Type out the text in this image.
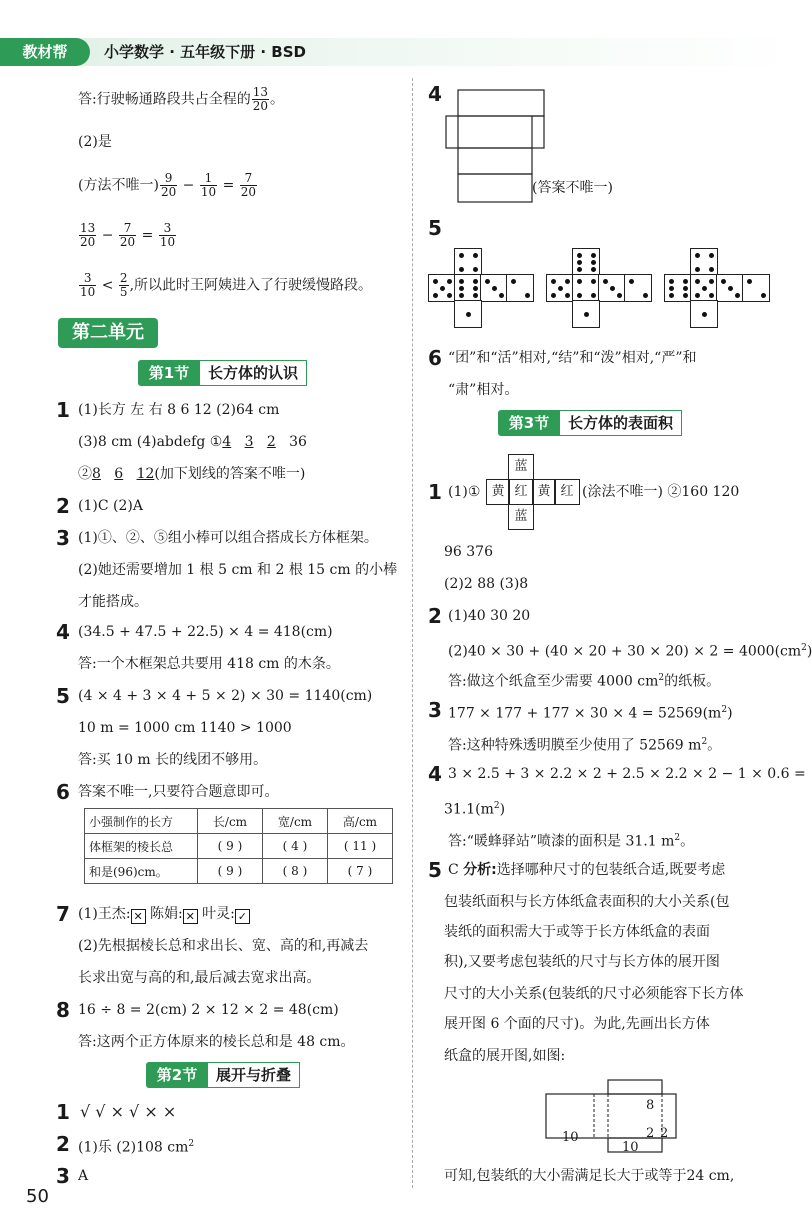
教材帮	小学数学 · 五年级下册 · BSD
答:行驶畅通路段共占全程的 $\frac{13}{20}$ 。
(2)是
(方法不唯一) $\frac{9}{20} - \frac{1}{10} = \frac{7}{20}$
$\frac{13}{20} - \frac{7}{20} = \frac{3}{10}$
$\frac{3}{10} < \frac{2}{5}$ ,所以此时王阿姨进入了行驶缓慢路段。
第二单元
第1节	长方体的认识
1 (1)长方 左 右 8 6 12 (2)64 cm
(3)8 cm (4)abdefg ①4 3 2 36
②8 6 12(加下划线的答案不唯一)
2 (1)C (2)A
3 (1)①、②、⑤组小棒可以组合搭成长方体框架。
(2)她还需要增加 1 根 5 cm 和 2 根 15 cm 的小棒
才能搭成。
4 (34.5 + 47.5 + 22.5) × 4 = 418(cm)
答:一个木框架总共要用 418 cm 的木条。
5 (4 × 4 + 3 × 4 + 5 × 2) × 30 = 1140(cm)
10 m = 1000 cm 1140 > 1000
答:买 10 m 长的线团不够用。
6 答案不唯一,只要符合题意即可。
小强制作的长方	长/cm	宽/cm	高/cm
体框架的棱长总	( 9 )	( 4 )	( 11 )
和是(96)cm。	( 9 )	( 8 )	( 7 )
7 (1)王杰: ✕ 陈娟: ✕ 叶灵: ✓
(2)先根据棱长总和求出长、宽、高的和,再减去
长求出宽与高的和,最后减去宽求出高。
8 16 ÷ 8 = 2(cm) 2 × 12 × 2 = 48(cm)
答:这两个正方体原来的棱长总和是 48 cm。
第2节	展开与折叠
1 √ √ × √ × ×
2 (1)乐 (2)108 $cm^2$
3 A
50
4
(答案不唯一)
5
6 “团”和“活”相对,“结”和“泼”相对,“严”和
“肃”相对。
第3节	长方体的表面积
1 (1)①
蓝
黄 红 黄 红
蓝
(涂法不唯一) ②160 120
96 376
(2)2 88 (3)8
2 (1)40 30 20
$(2)40 \times 30 + (40 \times 20 + 30 \times 20) \times 2 = 4000(cm^2)$
答:做这个纸盒至少需要 4000 $cm^2$的纸板。
3 $177 \times 177 + 177 \times 30 \times 4 = 52569(m^2)$
答:这种特殊透明膜至少使用了 52569 $m^2$。
4 3 × 2.5 + 3 × 2.2 × 2 + 2.5 × 2.2 × 2 − 1 × 0.6 =
$31.1(m^2)$
答:“暖蜂驿站”喷漆的面积是 31.1 $m^2$。
5 C 分析:选择哪种尺寸的包装纸合适,既要考虑
包装纸面积与长方体纸盒表面积的大小关系(包
装纸的面积需大于或等于长方体纸盒的表面
积),又要考虑包装纸的尺寸与长方体的展开图
尺寸的大小关系(包装纸的尺寸必须能容下长方体
展开图 6 个面的尺寸)。为此,先画出长方体
纸盒的展开图,如图:
8
10
10
2 2
可知,包装纸的大小需满足长大于或等于24 cm,
